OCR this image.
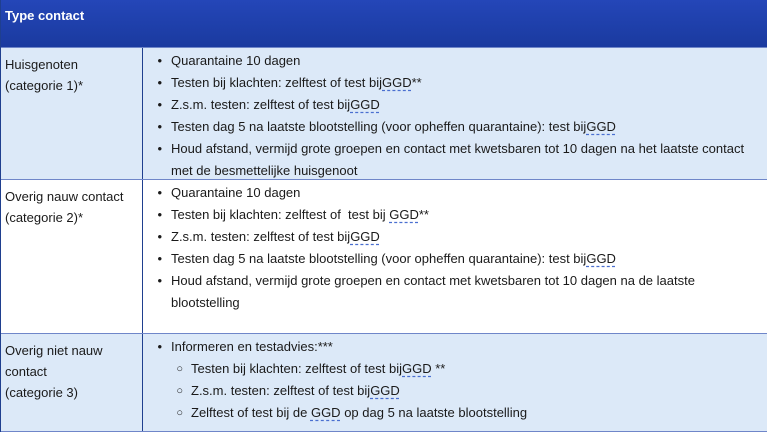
Type contact
Huisgenoten
(categorie 1)*
• Quarantaine 10 dagen
• Testen bij klachten: zelftest of test bij GGD **
• Z.s.m. testen: zelftest of test bij GGD
• Testen dag 5 na laatste blootstelling (voor opheffen quarantaine): test bij GGD
• Houd afstand, vermijd grote groepen en contact met kwetsbaren tot 10 dagen na het laatste contact
met de besmettelijke huisgenoot
Overig nauw contact
(categorie 2)*
• Quarantaine 10 dagen
• Testen bij klachten: zelftest of  test bij GGD **
• Z.s.m. testen: zelftest of test bij GGD
• Testen dag 5 na laatste blootstelling (voor opheffen quarantaine): test bij GGD
• Houd afstand, vermijd grote groepen en contact met kwetsbaren tot 10 dagen na de laatste
blootstelling
Overig niet nauw
contact
(categorie 3)
• Informeren en testadvies:***
○ Testen bij klachten: zelftest of test bij GGD **
○ Z.s.m. testen: zelftest of test bij GGD
○ Zelftest of test bij de GGD op dag 5 na laatste blootstelling
